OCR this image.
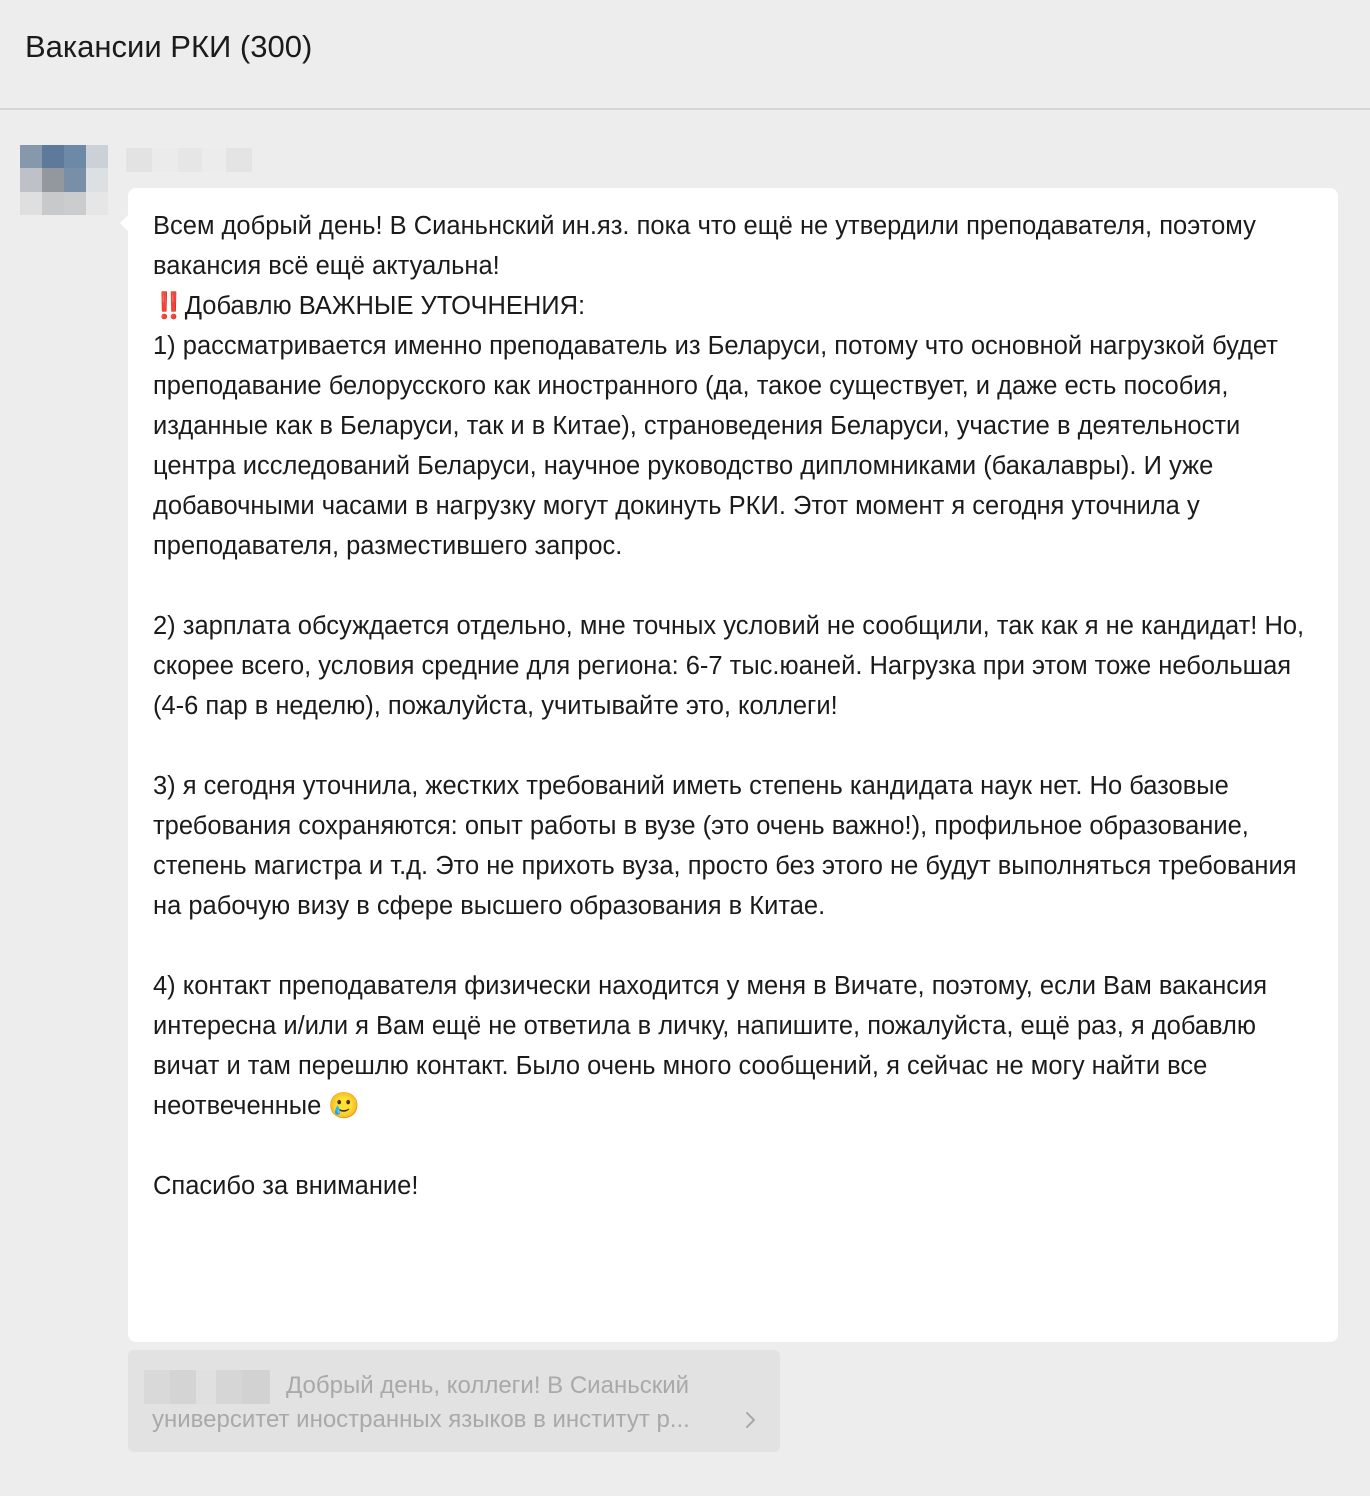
Вакансии РКИ (300)

Всем добрый день! В Сианьнский ин.яз. пока что ещё не утвердили преподавателя, поэтому вакансия всё ещё актуальна!
‼️Добавлю ВАЖНЫЕ УТОЧНЕНИЯ:
1) рассматривается именно преподаватель из Беларуси, потому что основной нагрузкой будет преподавание белорусского как иностранного (да, такое существует, и даже есть пособия, изданные как в Беларуси, так и в Китае), страноведения Беларуси, участие в деятельности центра исследований Беларуси, научное руководство дипломниками (бакалавры). И уже добавочными часами в нагрузку могут докинуть РКИ. Этот момент я сегодня уточнила у преподавателя, разместившего запрос.

2) зарплата обсуждается отдельно, мне точных условий не сообщили, так как я не кандидат! Но, скорее всего, условия средние для региона: 6-7 тыс.юаней. Нагрузка при этом тоже небольшая (4-6 пар в неделю), пожалуйста, учитывайте это, коллеги!

3) я сегодня уточнила, жестких требований иметь степень кандидата наук нет. Но базовые требования сохраняются: опыт работы в вузе (это очень важно!), профильное образование, степень магистра и т.д. Это не прихоть вуза, просто без этого не будут выполняться требования на рабочую визу в сфере высшего образования в Китае.

4) контакт преподавателя физически находится у меня в Вичате, поэтому, если Вам вакансия интересна и/или я Вам ещё не ответила в личку, напишите, пожалуйста, ещё раз, я добавлю вичат и там перешлю контакт. Было очень много сообщений, я сейчас не могу найти все неотвеченные 🥲

Спасибо за внимание!

Добрый день, коллеги! В Сианьский
университет иностранных языков в институт р...
